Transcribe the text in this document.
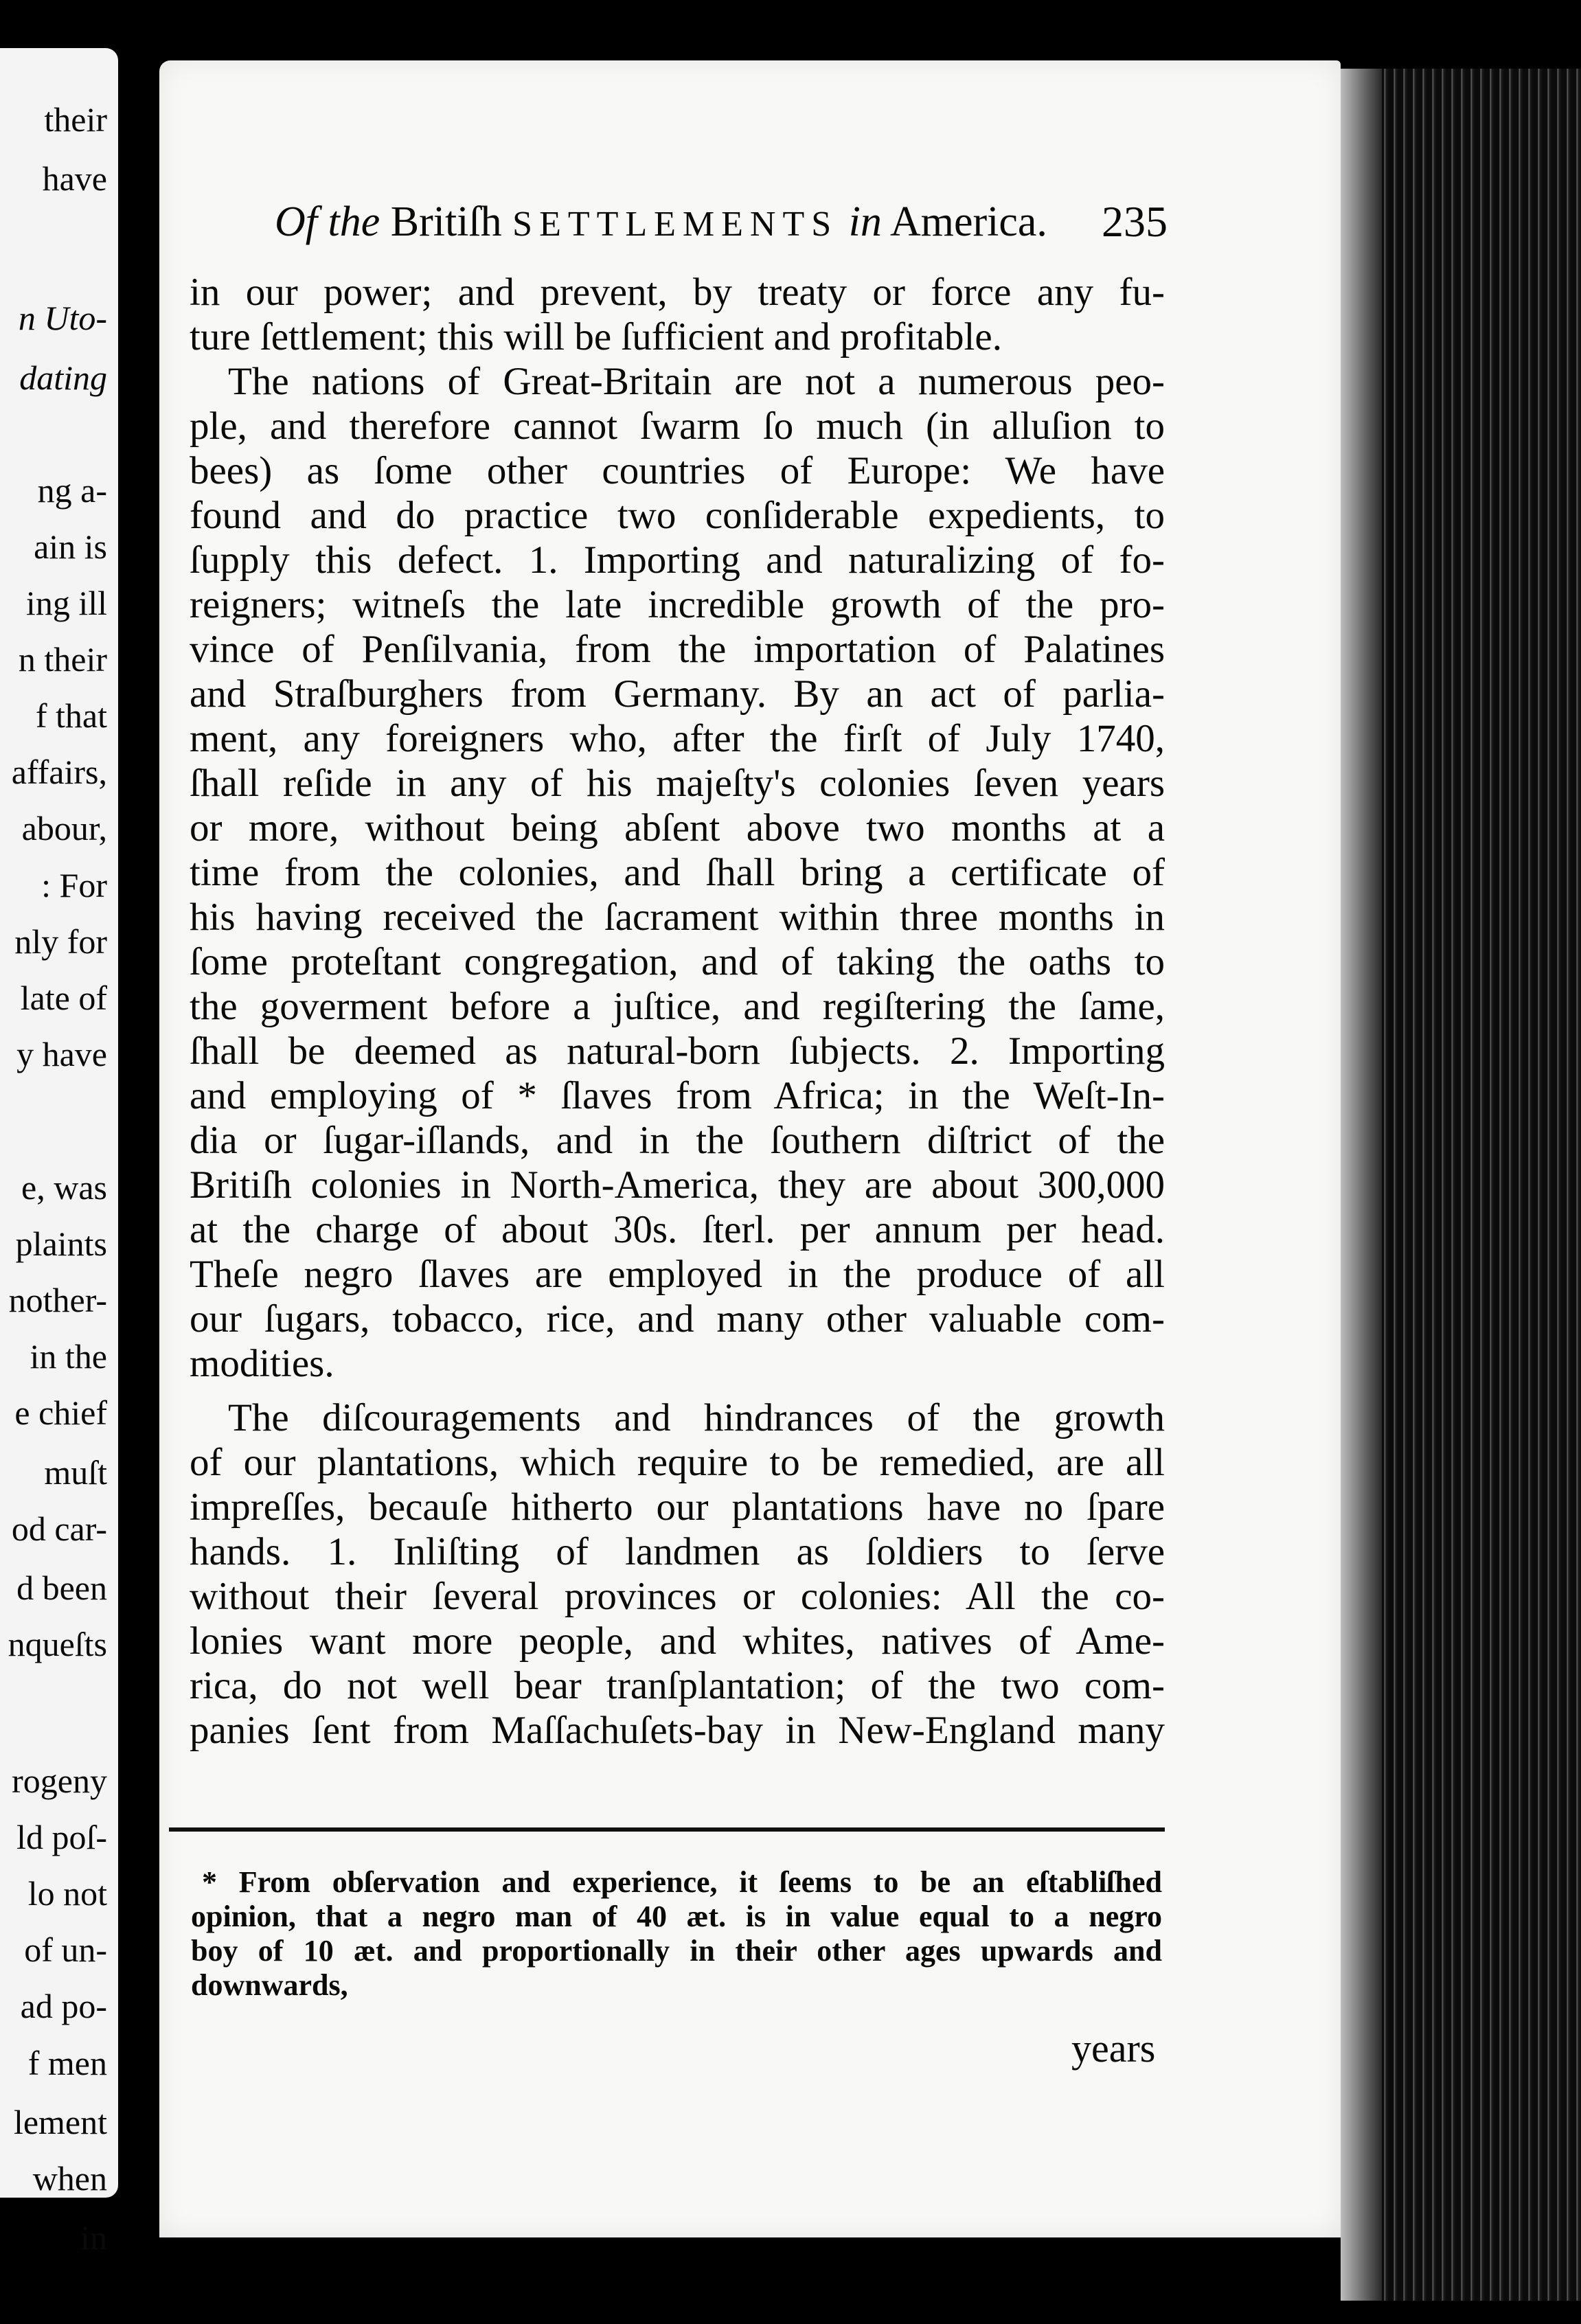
their
have
n Uto-
dating
ng a-
ain is
ing ill
n their
f that
affairs,
abour,
: For
nly for
late of
y have
e, was
plaints
nother-
in the
e chief
muſt
od car-
d been
nqueſts
rogeny
ld poſ-
lo not
of un-
ad po-
f men
lement
when
in
Of the Britiſh SETTLEMENTS in America.	235
in our power; and prevent, by treaty or force any fu-
ture ſettlement; this will be ſufficient and profitable.
The nations of Great-Britain are not a numerous peo-
ple, and therefore cannot ſwarm ſo much (in alluſion to
bees) as ſome other countries of Europe: We have
found and do practice two conſiderable expedients, to
ſupply this defect. 1. Importing and naturalizing of fo-
reigners; witneſs the late incredible growth of the pro-
vince of Penſilvania, from the importation of Palatines
and Straſburghers from Germany. By an act of parlia-
ment, any foreigners who, after the firſt of July 1740,
ſhall reſide in any of his majeſty's colonies ſeven years
or more, without being abſent above two months at a
time from the colonies, and ſhall bring a certificate of
his having received the ſacrament within three months in
ſome proteſtant congregation, and of taking the oaths to
the goverment before a juſtice, and regiſtering the ſame,
ſhall be deemed as natural-born ſubjects. 2. Importing
and employing of * ſlaves from Africa; in the Weſt-In-
dia or ſugar-iſlands, and in the ſouthern diſtrict of the
Britiſh colonies in North-America, they are about 300,000
at the charge of about 30s. ſterl. per annum per head.
Theſe negro ſlaves are employed in the produce of all
our ſugars, tobacco, rice, and many other valuable com-
modities.
The diſcouragements and hindrances of the growth
of our plantations, which require to be remedied, are all
impreſſes, becauſe hitherto our plantations have no ſpare
hands. 1. Inliſting of landmen as ſoldiers to ſerve
without their ſeveral provinces or colonies: All the co-
lonies want more people, and whites, natives of Ame-
rica, do not well bear tranſplantation; of the two com-
panies ſent from Maſſachuſets-bay in New-England many
* From obſervation and experience, it ſeems to be an eſtabliſhed
opinion, that a negro man of 40 æt. is in value equal to a negro
boy of 10 æt. and proportionally in their other ages upwards and
downwards,
years
